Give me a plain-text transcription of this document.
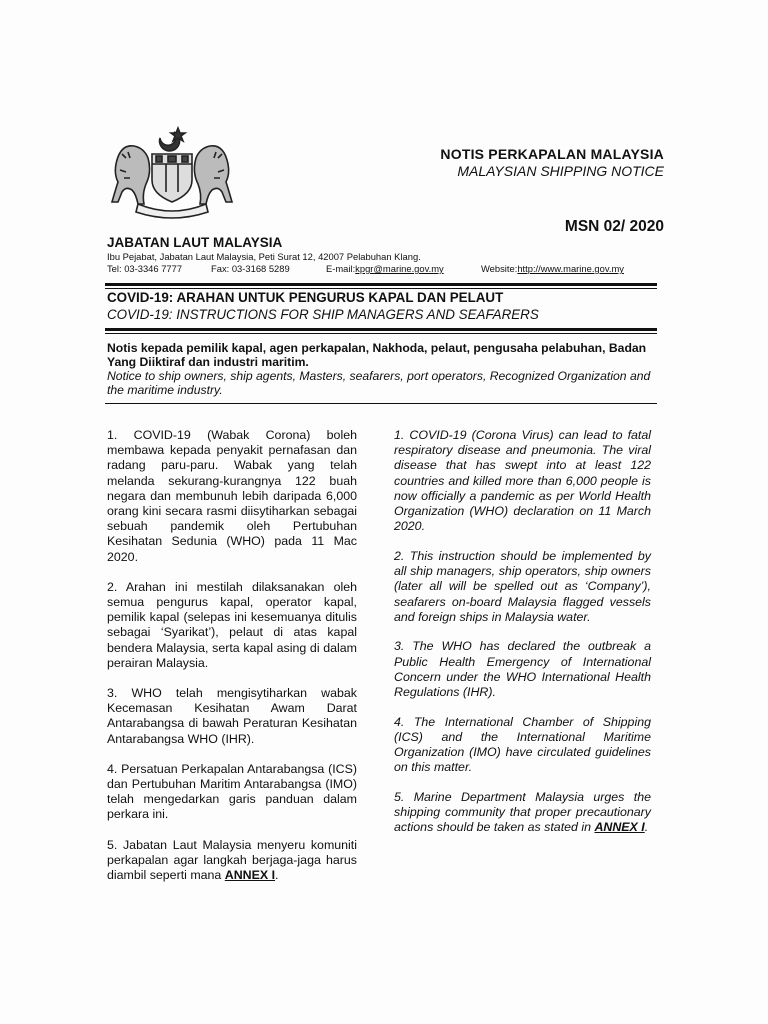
NOTIS PERKAPALAN MALAYSIA
MALAYSIAN SHIPPING NOTICE
MSN 02/ 2020
JABATAN LAUT MALAYSIA
Ibu Pejabat, Jabatan Laut Malaysia, Peti Surat 12, 42007 Pelabuhan Klang.
Tel: 03-3346 7777	Fax: 03-3168 5289	E-mail:kpgr@marine.gov.my	Website:http://www.marine.gov.my
COVID-19: ARAHAN UNTUK PENGURUS KAPAL DAN PELAUT
COVID-19: INSTRUCTIONS FOR SHIP MANAGERS AND SEAFARERS
Notis kepada pemilik kapal, agen perkapalan, Nakhoda, pelaut, pengusaha pelabuhan, Badan Yang Diiktiraf dan industri maritim.
Notice to ship owners, ship agents, Masters, seafarers, port operators, Recognized Organization and the maritime industry.

1. COVID-19 (Wabak Corona) boleh membawa kepada penyakit pernafasan dan radang paru-paru. Wabak yang telah melanda sekurang-kurangnya 122 buah negara dan membunuh lebih daripada 6,000 orang kini secara rasmi diisytiharkan sebagai sebuah pandemik oleh Pertubuhan Kesihatan Sedunia (WHO) pada 11 Mac 2020.

2. Arahan ini mestilah dilaksanakan oleh semua pengurus kapal, operator kapal, pemilik kapal (selepas ini kesemuanya ditulis sebagai ‘Syarikat’), pelaut di atas kapal bendera Malaysia, serta kapal asing di dalam perairan Malaysia.

3. WHO telah mengisytiharkan wabak Kecemasan Kesihatan Awam Darat Antarabangsa di bawah Peraturan Kesihatan Antarabangsa WHO (IHR).

4. Persatuan Perkapalan Antarabangsa (ICS) dan Pertubuhan Maritim Antarabangsa (IMO) telah mengedarkan garis panduan dalam perkara ini.

5. Jabatan Laut Malaysia menyeru komuniti perkapalan agar langkah berjaga-jaga harus diambil seperti mana ANNEX I.

1. COVID-19 (Corona Virus) can lead to fatal respiratory disease and pneumonia. The viral disease that has swept into at least 122 countries and killed more than 6,000 people is now officially a pandemic as per World Health Organization (WHO) declaration on 11 March 2020.

2. This instruction should be implemented by all ship managers, ship operators, ship owners (later all will be spelled out as ‘Company’), seafarers on-board Malaysia flagged vessels and foreign ships in Malaysia water.

3. The WHO has declared the outbreak a Public Health Emergency of International Concern under the WHO International Health Regulations (IHR).

4. The International Chamber of Shipping (ICS) and the International Maritime Organization (IMO) have circulated guidelines on this matter.

5. Marine Department Malaysia urges the shipping community that proper precautionary actions should be taken as stated in ANNEX I.
